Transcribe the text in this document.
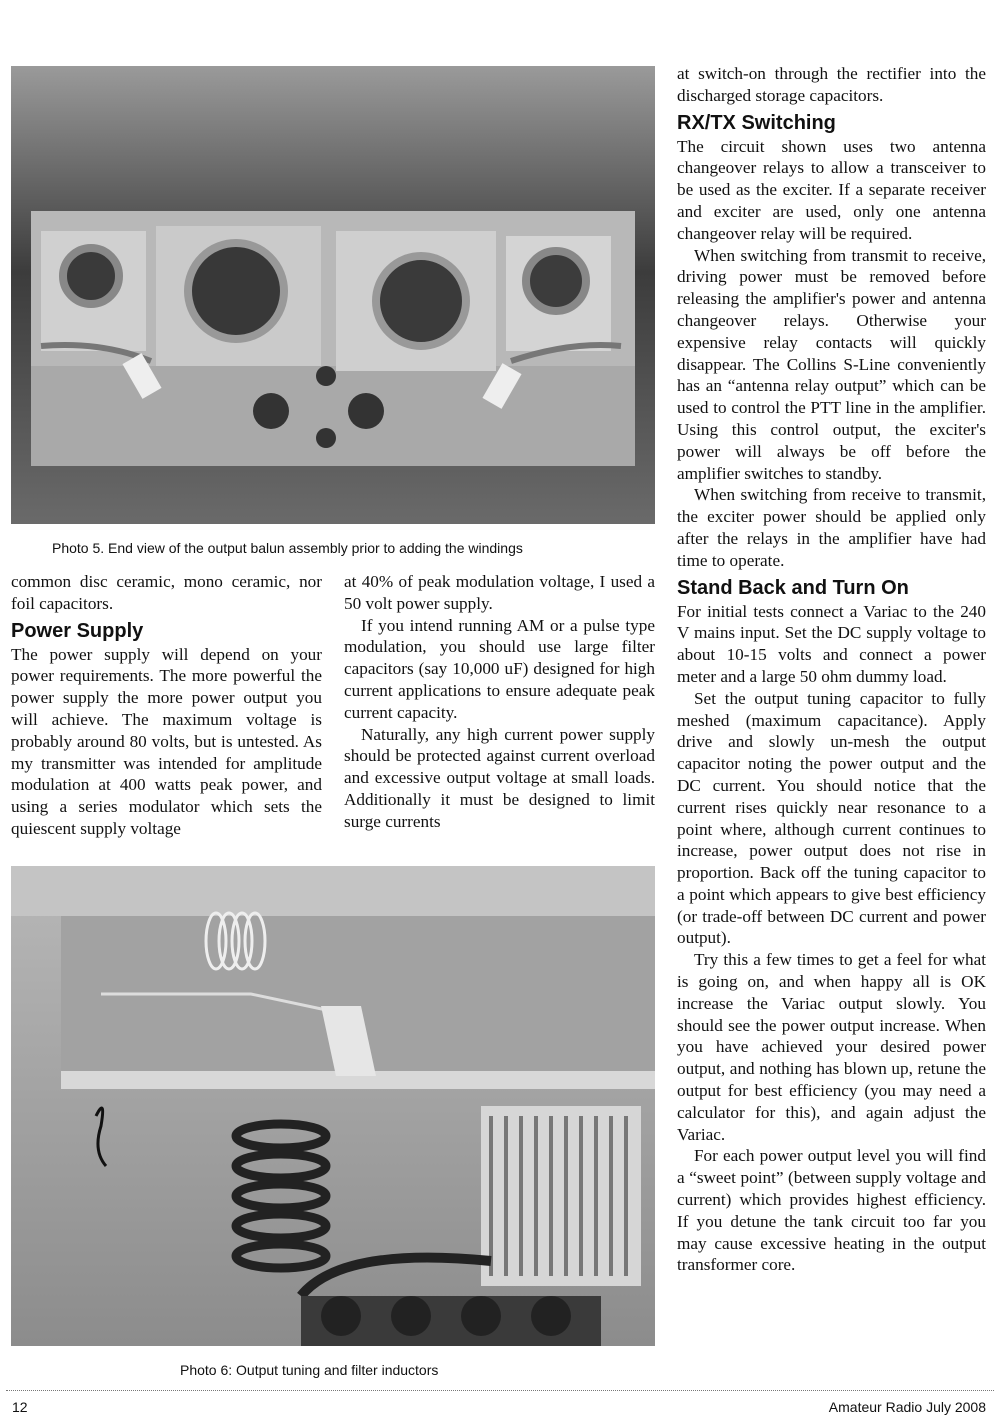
Photo 5. End view of the output balun assembly prior to adding the windings
Photo 6: Output tuning and filter inductors

common disc ceramic, mono ceramic, nor foil capacitors.

Power Supply

The power supply will depend on your power requirements. The more powerful the power supply the more power output you will achieve. The maximum voltage is probably around 80 volts, but is untested. As my transmitter was intended for amplitude modulation at 400 watts peak power, and using a series modulator which sets the quiescent supply voltage

at 40% of peak modulation voltage, I used a 50 volt power supply.

If you intend running AM or a pulse type modulation, you should use large filter capacitors (say 10,000 uF) designed for high current applications to ensure adequate peak current capacity.

Naturally, any high current power supply should be protected against current overload and excessive output voltage at small loads. Additionally it must be designed to limit surge currents

at switch-on through the rectifier into the discharged storage capacitors.

RX/TX Switching

The circuit shown uses two antenna changeover relays to allow a transceiver to be used as the exciter. If a separate receiver and exciter are used, only one antenna changeover relay will be required.

When switching from transmit to receive, driving power must be removed before releasing the amplifier's power and antenna changeover relays. Otherwise your expensive relay contacts will quickly disappear. The Collins S-Line conveniently has an “antenna relay output” which can be used to control the PTT line in the amplifier. Using this control output, the exciter's power will always be off before the amplifier switches to standby.

When switching from receive to transmit, the exciter power should be applied only after the relays in the amplifier have had time to operate.

Stand Back and Turn On

For initial tests connect a Variac to the 240 V mains input. Set the DC supply voltage to about 10-15 volts and connect a power meter and a large 50 ohm dummy load.

Set the output tuning capacitor to fully meshed (maximum capacitance). Apply drive and slowly un-mesh the output capacitor noting the power output and the DC current. You should notice that the current rises quickly near resonance to a point where, although current continues to increase, power output does not rise in proportion. Back off the tuning capacitor to a point which appears to give best efficiency (or trade-off between DC current and power output).

Try this a few times to get a feel for what is going on, and when happy all is OK increase the Variac output slowly. You should see the power output increase. When you have achieved your desired power output, and nothing has blown up, retune the output for best efficiency (you may need a calculator for this), and again adjust the Variac.

For each power output level you will find a “sweet point” (between supply voltage and current) which provides highest efficiency. If you detune the tank circuit too far you may cause excessive heating in the output transformer core.

12	Amateur Radio July 2008
